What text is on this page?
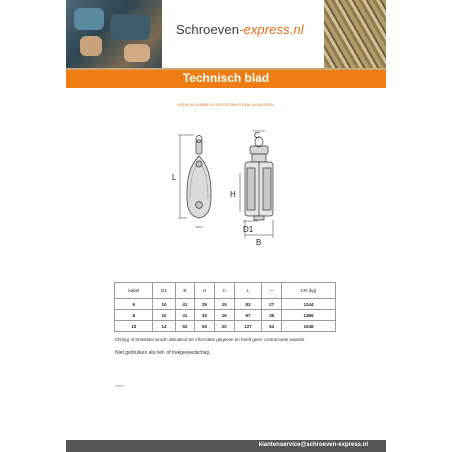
Schroeven-express.nl
Technisch blad
V9189-6 DUBBELE BOOSTAN/STAAL ALKATROL
L
VB207
C
H
D1
B
kabel	D1	B	H	C	L	—	CR (kg)
6	10	41	25	15	83	27	1244
8	10	41	32	16	97	35	1366
10	14	52	50	20	127	54	1948
CR(kg) of breeklast wordt uitsluitend ter informatie gegeven en heeft geen contractuele waarde.
Niet gebruiken als hef- of trekgereedschap.
9189-6
klantenservice@schroeven-express.nl
